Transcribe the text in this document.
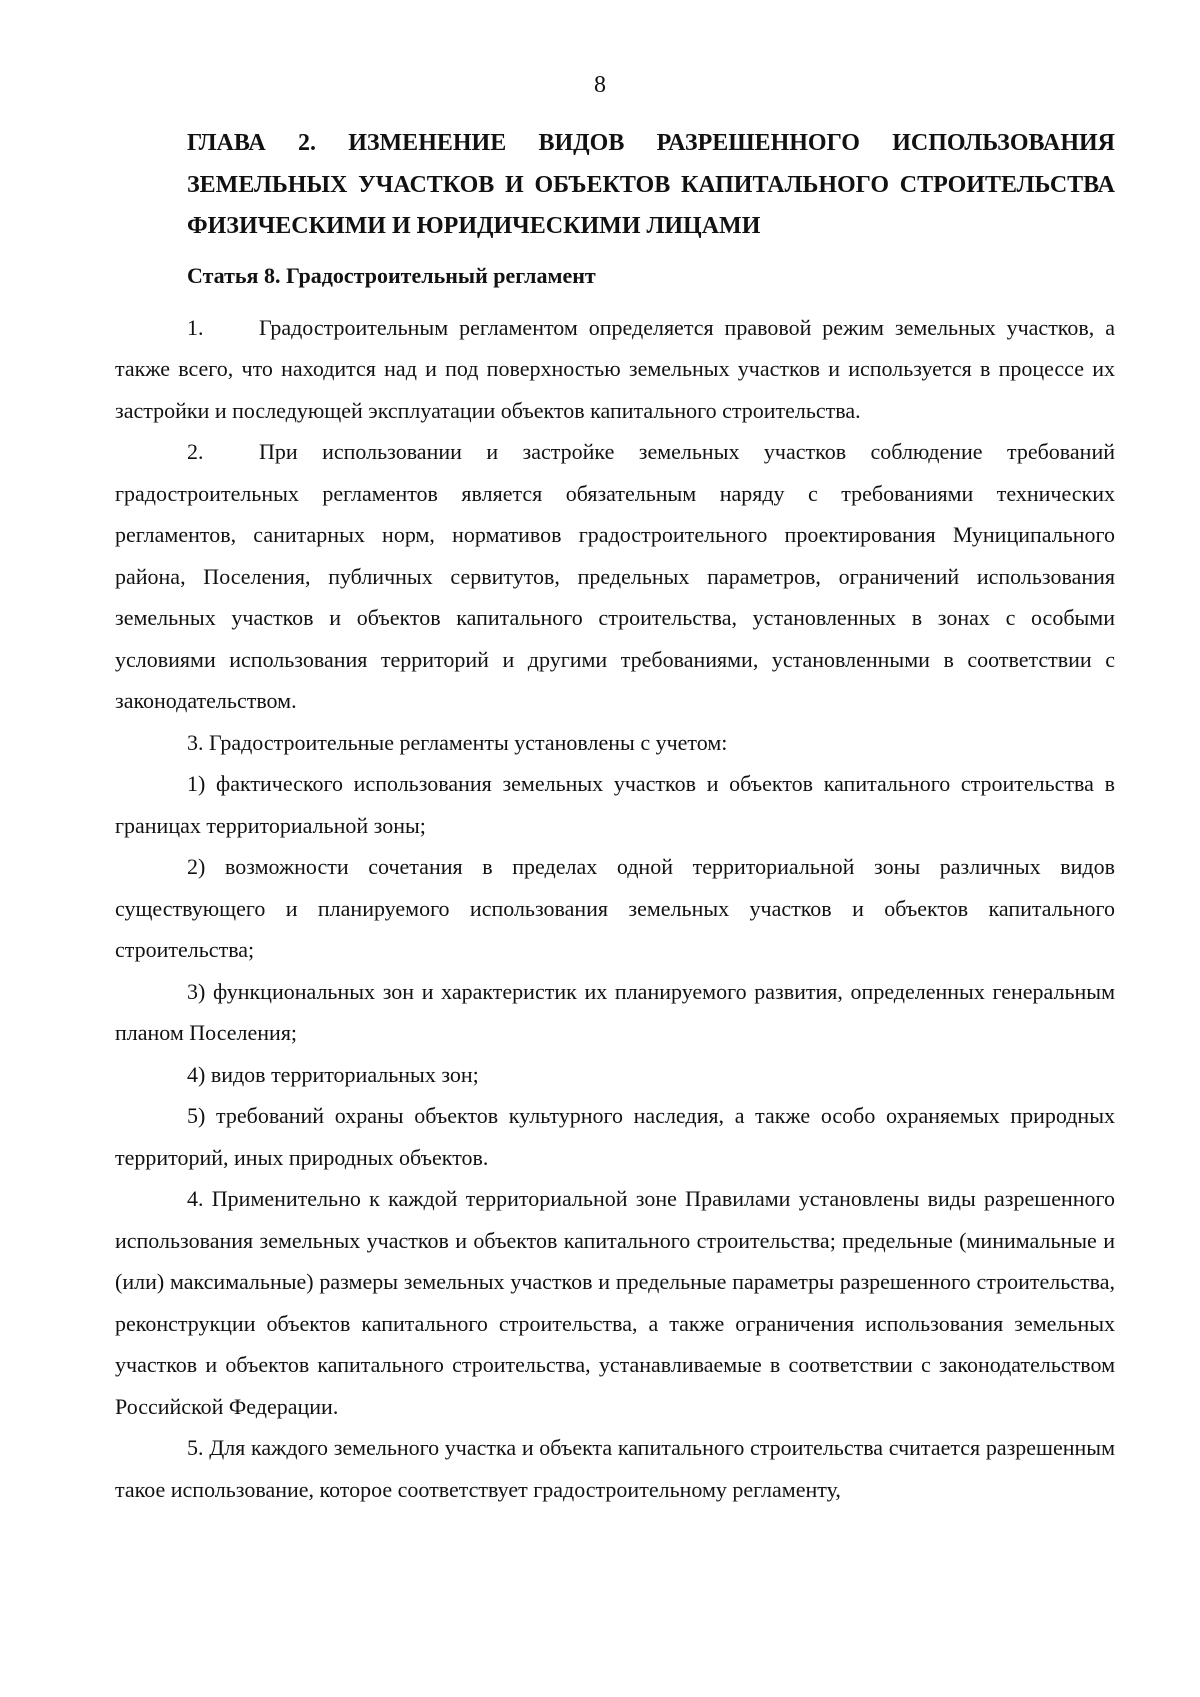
8
ГЛАВА 2. ИЗМЕНЕНИЕ ВИДОВ РАЗРЕШЕННОГО ИСПОЛЬЗОВАНИЯ ЗЕМЕЛЬНЫХ УЧАСТКОВ И ОБЪЕКТОВ КАПИТАЛЬНОГО СТРОИТЕЛЬСТВА ФИЗИЧЕСКИМИ И ЮРИДИЧЕСКИМИ ЛИЦАМИ
Статья 8. Градостроительный регламент

1.	Градостроительным регламентом определяется правовой режим земельных участков, а также всего, что находится над и под поверхностью земельных участков и используется в процессе их застройки и последующей эксплуатации объектов капитального строительства.

2.	При использовании и застройке земельных участков соблюдение требований градостроительных регламентов является обязательным наряду с требованиями технических регламентов, санитарных норм, нормативов градостроительного проектирования Муниципального района, Поселения, публичных сервитутов, предельных параметров, ограничений использования земельных участков и объектов капитального строительства, установленных в зонах с особыми условиями использования территорий и другими требованиями, установленными в соответствии с законодательством.

3. Градостроительные регламенты установлены с учетом:

1) фактического использования земельных участков и объектов капитального строительства в границах территориальной зоны;

2) возможности сочетания в пределах одной территориальной зоны различных видов существующего и планируемого использования земельных участков и объектов капитального строительства;

3) функциональных зон и характеристик их планируемого развития, определенных генеральным планом Поселения;

4) видов территориальных зон;

5) требований охраны объектов культурного наследия, а также особо охраняемых природных территорий, иных природных объектов.

4. Применительно к каждой территориальной зоне Правилами установлены виды разрешенного использования земельных участков и объектов капитального строительства; предельные (минимальные и (или) максимальные) размеры земельных участков и предельные параметры разрешенного строительства, реконструкции объектов капитального строительства, а также ограничения использования земельных участков и объектов капитального строительства, устанавливаемые в соответствии с законодательством Российской Федерации.

5. Для каждого земельного участка и объекта капитального строительства считается разрешенным такое использование, которое соответствует градостроительному регламенту,
